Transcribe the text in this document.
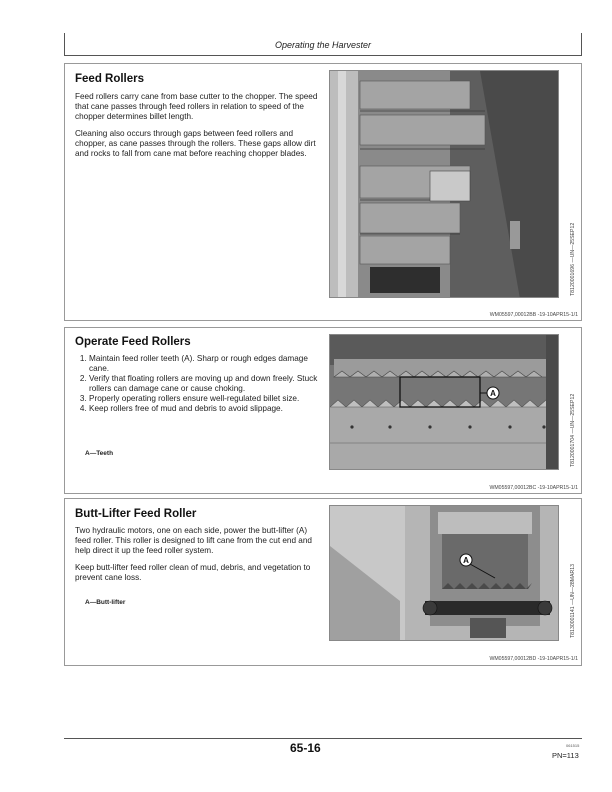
Operating the Harvester
Feed Rollers

Feed rollers carry cane from base cutter to the chopper. The speed that cane passes through feed rollers in relation to speed of the chopper determines billet length.

Cleaning also occurs through gaps between feed rollers and chopper, as cane passes through the rollers. These gaps allow dirt and rocks to fall from cane mat before reaching chopper blades.

T8120001696 —UN—25SEP12
WM05597,00012BB -19-10APR15-1/1
Operate Feed Rollers
1. Maintain feed roller teeth (A). Sharp or rough edges damage cane.
2. Verify that floating rollers are moving up and down freely. Stuck rollers can damage cane or cause choking.
3. Properly operating rollers ensure well-regulated billet size.
4. Keep rollers free of mud and debris to avoid slippage.
A—Teeth
A
T8120001704 —UN—25SEP12
WM05597,00012BC -19-10APR15-1/1
Butt-Lifter Feed Roller

Two hydraulic motors, one on each side, power the butt-lifter (A) feed roller. This roller is designed to lift cane from the cut end and help direct it up the feed roller system.

Keep butt-lifter feed roller clean of mud, debris, and vegetation to prevent cane loss.

A—Butt-lifter
A
T8130001141 —UN—28MAR13
WM05597,00012BD -19-10APR15-1/1
65-16	061515
PN=113
